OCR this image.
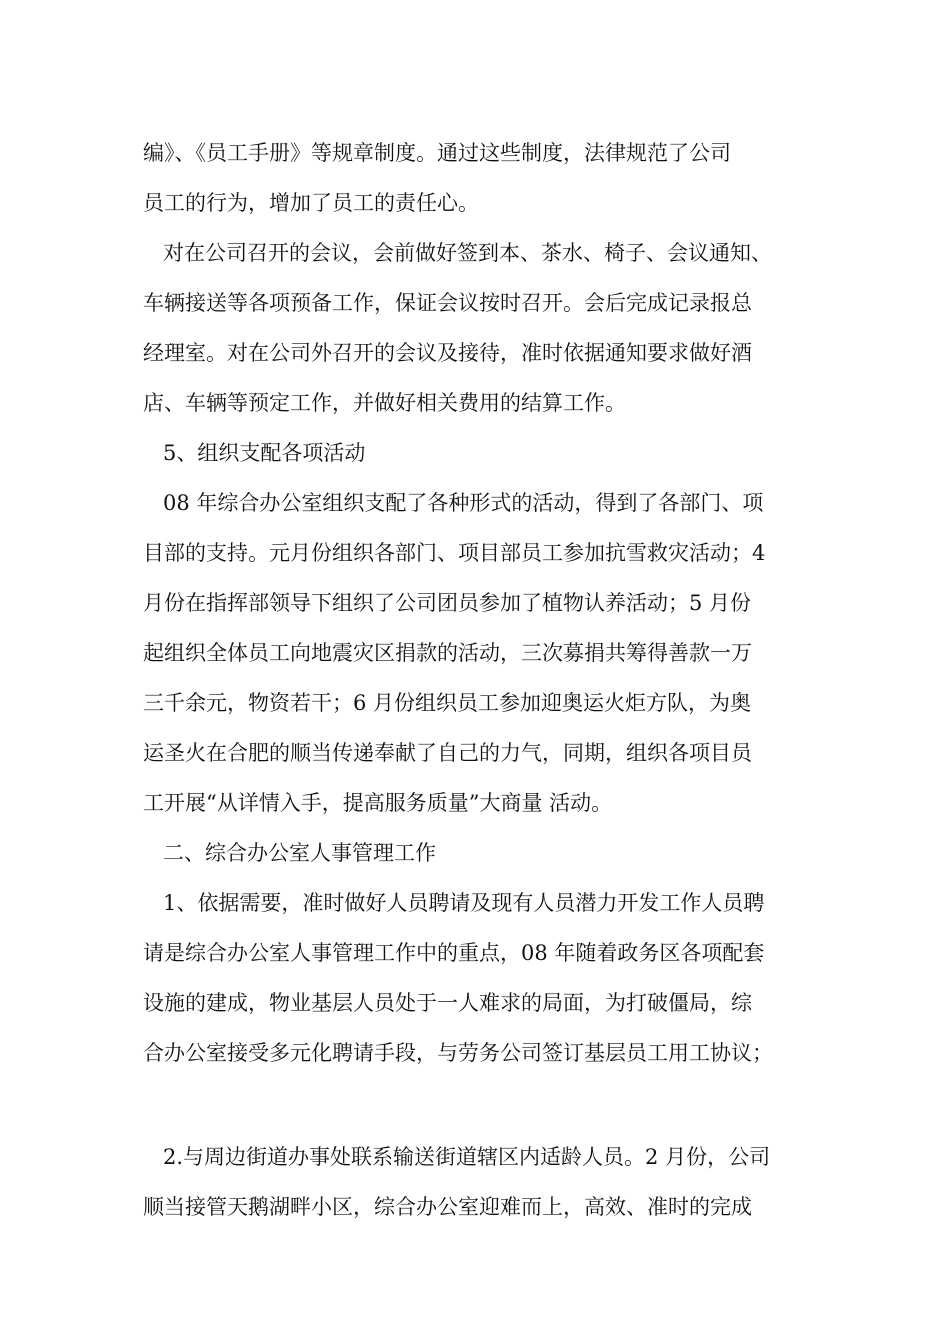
编》、《员工手册》等规章制度。通过这些制度，法律规范了公司
员工的行为，增加了员工的责任心。
对在公司召开的会议，会前做好签到本、茶水、椅子、会议通知、
车辆接送等各项预备工作，保证会议按时召开。会后完成记录报总
经理室。对在公司外召开的会议及接待，准时依据通知要求做好酒
店、车辆等预定工作，并做好相关费用的结算工作。
5、组织支配各项活动
08 年综合办公室组织支配了各种形式的活动，得到了各部门、项
目部的支持。元月份组织各部门、项目部员工参加抗雪救灾活动；4
月份在指挥部领导下组织了公司团员参加了植物认养活动；5 月份
起组织全体员工向地震灾区捐款的活动，三次募捐共筹得善款一万
三千余元，物资若干；6 月份组织员工参加迎奥运火炬方队，为奥
运圣火在合肥的顺当传递奉献了自己的力气，同期，组织各项目员
工开展“从详情入手，提高服务质量”大商量 活动。
二、综合办公室人事管理工作
1、依据需要，准时做好人员聘请及现有人员潜力开发工作人员聘
请是综合办公室人事管理工作中的重点，08 年随着政务区各项配套
设施的建成，物业基层人员处于一人难求的局面，为打破僵局，综
合办公室接受多元化聘请手段，与劳务公司签订基层员工用工协议；
2.与周边街道办事处联系输送街道辖区内适龄人员。2 月份，公司
顺当接管天鹅湖畔小区，综合办公室迎难而上，高效、准时的完成
